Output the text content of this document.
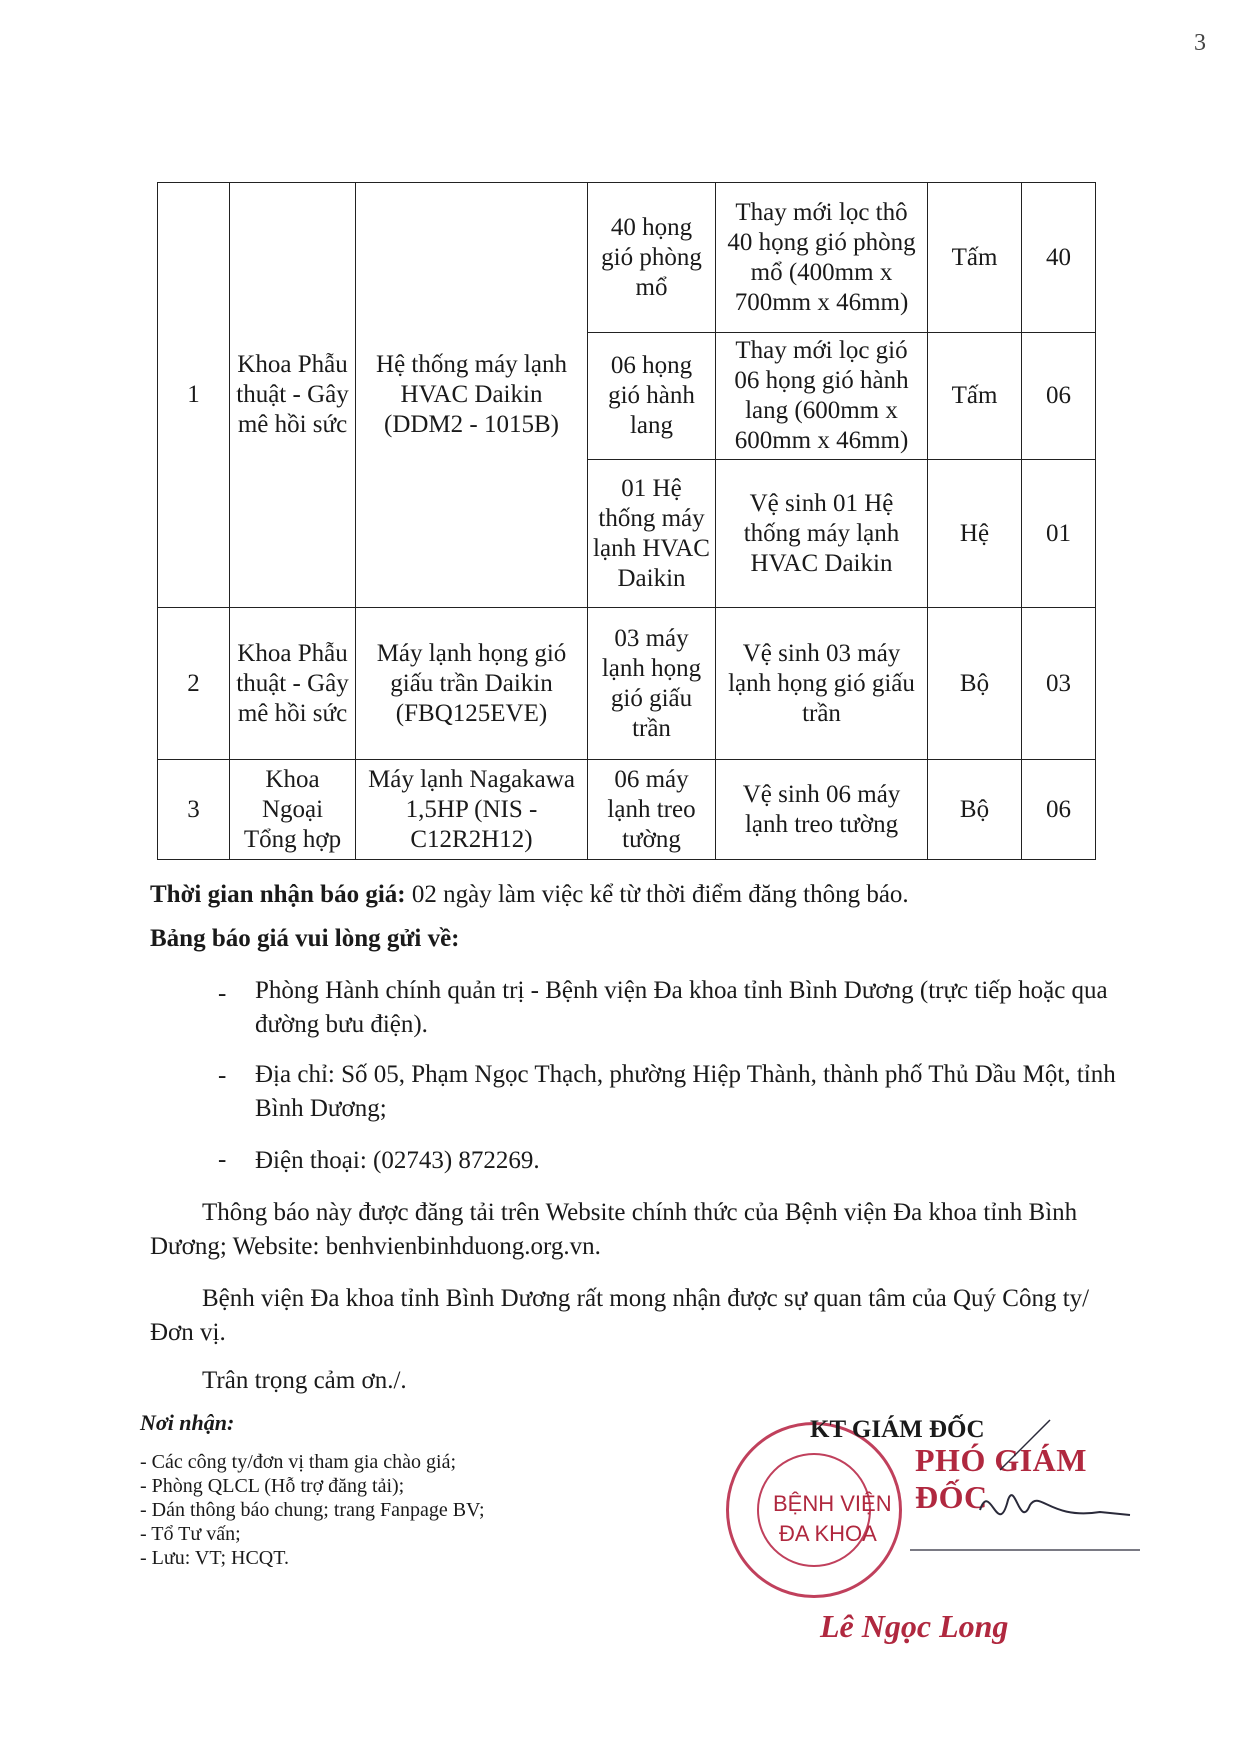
3
1	Khoa Phẫu thuật - Gây mê hồi sức	Hệ thống máy lạnh HVAC Daikin (DDM2 - 1015B)	40 họng gió phòng mổ	Thay mới lọc thô 40 họng gió phòng mổ (400mm x 700mm x 46mm)	Tấm	40
			06 họng gió hành lang	Thay mới lọc gió 06 họng gió hành lang (600mm x 600mm x 46mm)	Tấm	06
			01 Hệ thống máy lạnh HVAC Daikin	Vệ sinh 01 Hệ thống máy lạnh HVAC Daikin	Hệ	01
2	Khoa Phẫu thuật - Gây mê hồi sức	Máy lạnh họng gió giấu trần Daikin (FBQ125EVE)	03 máy lạnh họng gió giấu trần	Vệ sinh 03 máy lạnh họng gió giấu trần	Bộ	03
3	Khoa Ngoại Tổng hợp	Máy lạnh Nagakawa 1,5HP (NIS - C12R2H12)	06 máy lạnh treo tường	Vệ sinh 06 máy lạnh treo tường	Bộ	06

Thời gian nhận báo giá: 02 ngày làm việc kể từ thời điểm đăng thông báo.

Bảng báo giá vui lòng gửi về:

- Phòng Hành chính quản trị - Bệnh viện Đa khoa tỉnh Bình Dương (trực tiếp hoặc qua đường bưu điện).

- Địa chỉ: Số 05, Phạm Ngọc Thạch, phường Hiệp Thành, thành phố Thủ Dầu Một, tỉnh Bình Dương;

- Điện thoại: (02743) 872269.

Thông báo này được đăng tải trên Website chính thức của Bệnh viện Đa khoa tỉnh Bình Dương; Website: benhvienbinhduong.org.vn.

Bệnh viện Đa khoa tỉnh Bình Dương rất mong nhận được sự quan tâm của Quý Công ty/Đơn vị.

Trân trọng cảm ơn./.

Nơi nhận:
- Các công ty/đơn vị tham gia chào giá;
- Phòng QLCL (Hỗ trợ đăng tải);
- Dán thông báo chung; trang Fanpage BV;
- Tổ Tư vấn;
- Lưu: VT; HCQT.
BỆNH VIỆN
ĐA KHOA
KT GIÁM ĐỐC
PHÓ GIÁM ĐỐC
Lê Ngọc Long
